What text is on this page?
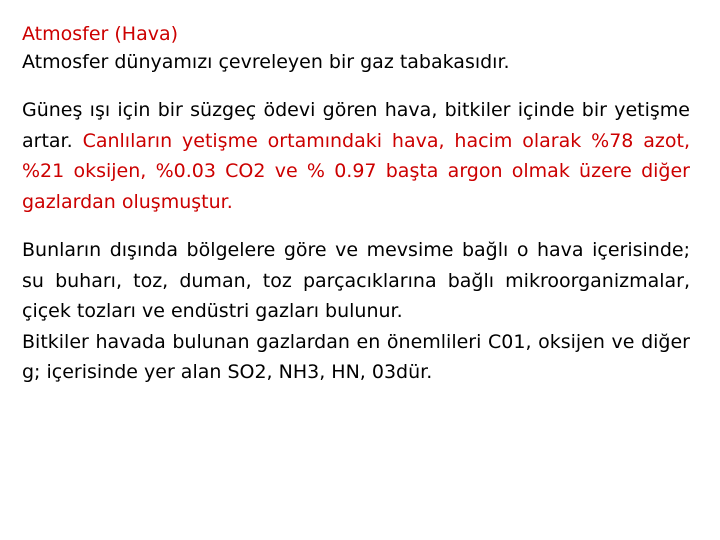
Atmosfer (Hava)

Atmosfer dünyamızı çevreleyen bir gaz tabakasıdır.

Güneş ışı için bir süzgeç ödevi gören hava, bitkiler içinde bir yetişme artar. Canlıların yetişme ortamındaki hava, hacim olarak %78 azot, %21 oksijen, %0.03 CO2 ve % 0.97 başta argon olmak üzere diğer gazlardan oluşmuştur.

Bunların dışında bölgelere göre ve mevsime bağlı o hava içerisinde; su buharı, toz, duman, toz parçacıklarına bağlı mikroorganizmalar, çiçek tozları ve endüstri gazları bulunur.

Bitkiler havada bulunan gazlardan en önemlileri C01, oksijen ve diğer g; içerisinde yer alan SO2, NH3, HN, 03dür.
